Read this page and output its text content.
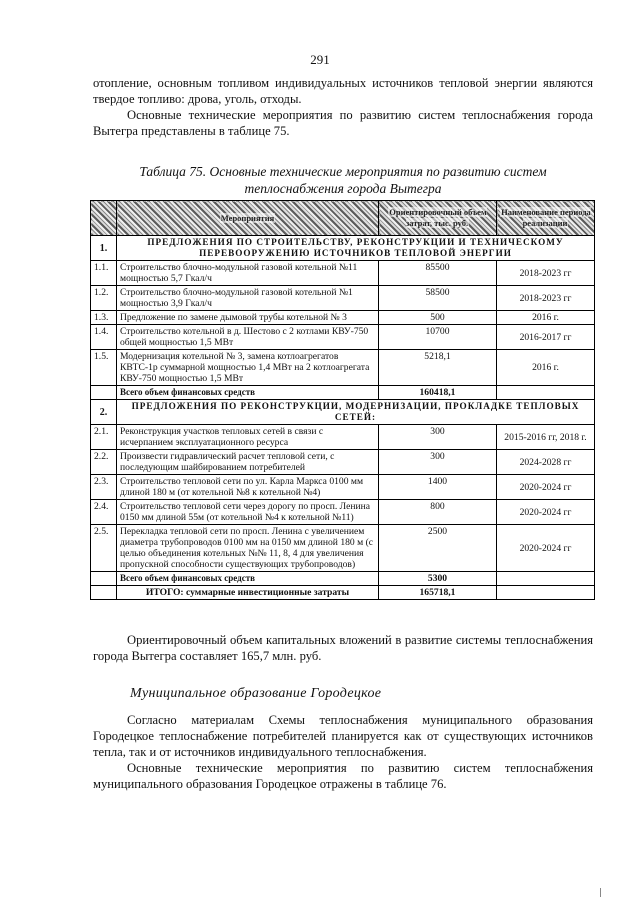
291
отопление, основным топливом индивидуальных источников тепловой энергии являются твердое топливо: дрова, уголь, отходы.
Основные технические мероприятия по развитию систем теплоснабжения города Вытегра представлены в таблице 75.
Таблица 75. Основные технические мероприятия по развитию систем теплоснабжения города Вытегра
	Мероприятия	Ориентировочный объем затрат, тыс. руб.	Наименование периода реализации
1.	ПРЕДЛОЖЕНИЯ ПО СТРОИТЕЛЬСТВУ, РЕКОНСТРУКЦИИ И ТЕХНИЧЕСКОМУ ПЕРЕВООРУЖЕНИЮ ИСТОЧНИКОВ ТЕПЛОВОЙ ЭНЕРГИИ		
1.1.	Строительство блочно-модульной газовой котельной №11 мощностью 5,7 Гкал/ч	85500	2018-2023 гг
1.2.	Строительство блочно-модульной газовой котельной №1 мощностью 3,9 Гкал/ч	58500	2018-2023 гг
1.3.	Предложение по замене дымовой трубы котельной № 3	500	2016 г.
1.4.	Строительство котельной в д. Шестово с 2 котлами КВУ-750 общей мощностью 1,5 МВт	10700	2016-2017 гг
1.5.	Модернизация котельной № 3, замена котлоагрегатов КВТС-1р суммарной мощностью 1,4 МВт на 2 котлоагрегата КВУ-750 мощностью 1,5 МВт	5218,1	2016 г.
	Всего объем финансовых средств	160418,1	
2.	ПРЕДЛОЖЕНИЯ ПО РЕКОНСТРУКЦИИ, МОДЕРНИЗАЦИИ, ПРОКЛАДКЕ ТЕПЛОВЫХ СЕТЕЙ:		
2.1.	Реконструкция участков тепловых сетей в связи с исчерпанием эксплуатационного ресурса	300	2015-2016 гг, 2018 г.
2.2.	Произвести гидравлический расчет тепловой сети, с последующим шайбированием потребителей	300	2024-2028 гг
2.3.	Строительство тепловой сети по ул. Карла Маркса 0100 мм длиной 180 м (от котельной №8 к котельной №4)	1400	2020-2024 гг
2.4.	Строительство тепловой сети через дорогу по просп. Ленина 0150 мм длиной 55м (от котельной №4 к котельной №11)	800	2020-2024 гг
2.5.	Перекладка тепловой сети по просп. Ленина с увеличением диаметра трубопроводов 0100 мм на 0150 мм длиной 180 м (с целью объединения котельных №№ 11, 8, 4 для увеличения пропускной способности существующих трубопроводов)	2500	2020-2024 гг
	Всего объем финансовых средств	5300	
	ИТОГО: суммарные инвестиционные затраты	165718,1	
Ориентировочный объем капитальных вложений в развитие системы теплоснабжения города Вытегра составляет 165,7 млн. руб.
Муниципальное образование Городецкое
Согласно материалам Схемы теплоснабжения муниципального образования Городецкое теплоснабжение потребителей планируется как от существующих источников тепла, так и от источников индивидуального теплоснабжения.
Основные технические мероприятия по развитию систем теплоснабжения муниципального образования Городецкое отражены в таблице 76.
